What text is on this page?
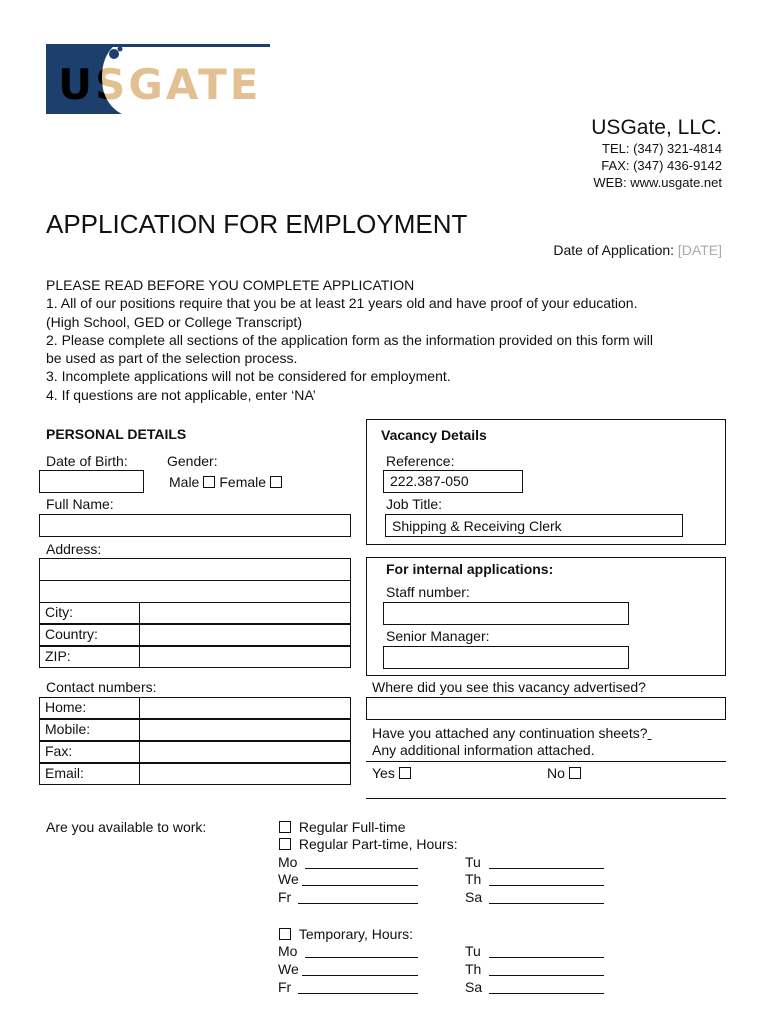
USGATE
USGate, LLC.
TEL: (347) 321-4814
FAX: (347) 436-9142
WEB: www.usgate.net
APPLICATION FOR EMPLOYMENT
Date of Application: [DATE]
PLEASE READ BEFORE YOU COMPLETE APPLICATION
1. All of our positions require that you be at least 21 years old and have proof of your education.
(High School, GED or College Transcript)
2. Please complete all sections of the application form as the information provided on this form will
be used as part of the selection process.
3. Incomplete applications will not be considered for employment.
4. If questions are not applicable, enter ‘NA’
PERSONAL DETAILS
Date of Birth:	Gender:
Male Female
Full Name:
Address:
City:
Country:
ZIP:
Contact numbers:
Home:
Mobile:
Fax:
Email:
Vacancy Details
Reference:
222.387-050
Job Title:
Shipping & Receiving Clerk
For internal applications:
Staff number:
Senior Manager:
Where did you see this vacancy advertised?
Have you attached any continuation sheets?
Any additional information attached.
Yes	No
Are you available to work:	Regular Full-time
Regular Part-time, Hours:
Mo	Tu
We	Th
Fr	Sa
Temporary, Hours:
Mo	Tu
We	Th
Fr	Sa
